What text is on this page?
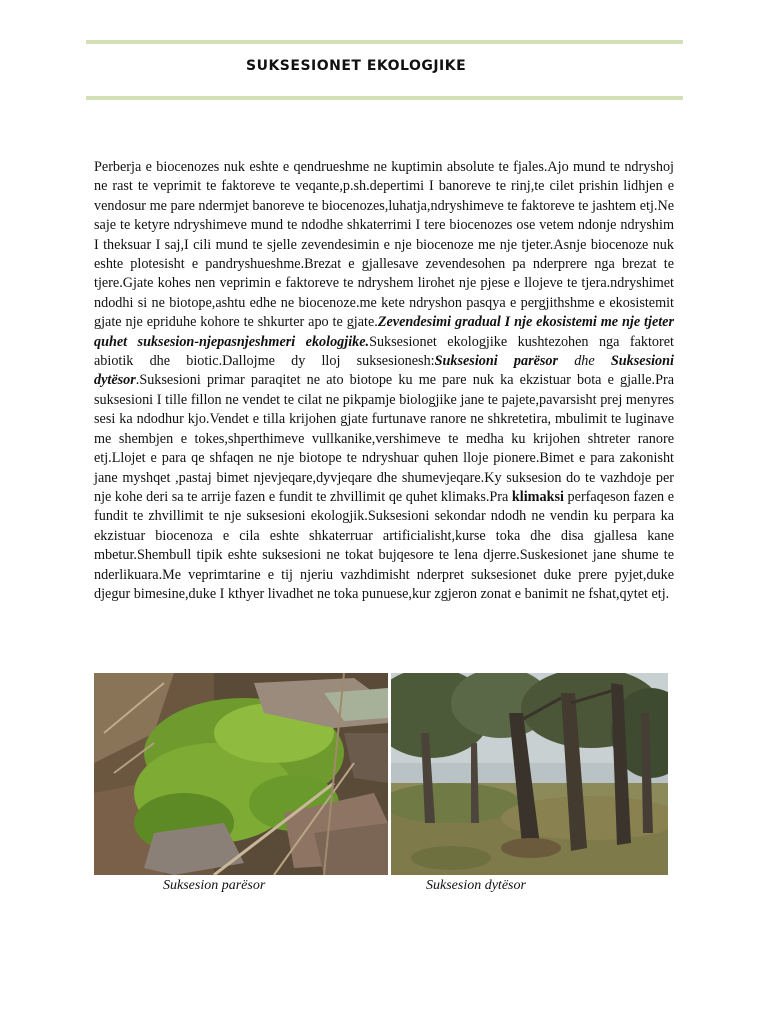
SUKSESIONET EKOLOGJIKE
Perberja e biocenozes nuk eshte e qendrueshme ne kuptimin absolute te fjales.Ajo mund te ndryshoj ne rast te veprimit te faktoreve te veqante,p.sh.depertimi I banoreve te rinj,te cilet prishin lidhjen e vendosur me pare ndermjet banoreve te biocenozes,luhatja,ndryshimeve te faktoreve te jashtem etj.Ne saje te ketyre ndryshimeve mund te ndodhe shkaterrimi I tere biocenozes ose vetem ndonje ndryshim I theksuar I saj,I cili mund te sjelle zevendesimin e nje biocenoze me nje tjeter.Asnje biocenoze nuk eshte plotesisht e pandryshueshme.Brezat e gjallesave zevendesohen pa nderprere nga brezat te tjere.Gjate kohes nen veprimin e faktoreve te ndryshem lirohet nje pjese e llojeve te tjera.ndryshimet ndodhi si ne biotope,ashtu edhe ne biocenoze.me kete ndryshon pasqya e pergjithshme e ekosistemit gjate nje epriduhe kohore te shkurter apo te gjate.Zevendesimi gradual I nje ekosistemi me nje tjeter quhet suksesion-njepasnjeshmeri ekologjike.Suksesionet ekologjike kushtezohen nga faktoret abiotik dhe biotic.Dallojme dy lloj suksesionesh:Suksesioni parësor dhe Suksesioni dytësor.Suksesioni primar paraqitet ne ato biotope ku me pare nuk ka ekzistuar bota e gjalle.Pra suksesioni I tille fillon ne vendet te cilat ne pikpamje biologjike jane te pajete,pavarsisht prej menyres sesi ka ndodhur kjo.Vendet e tilla krijohen gjate furtunave ranore ne shkretetira, mbulimit te luginave me shembjen e tokes,shperthimeve vullkanike,vershimeve te medha ku krijohen shtreter ranore etj.Llojet e para qe shfaqen ne nje biotope te ndryshuar quhen lloje pionere.Bimet e para zakonisht jane myshqet ,pastaj bimet njevjeqare,dyvjeqare dhe shumevjeqare.Ky suksesion do te vazhdoje per nje kohe deri sa te arrije fazen e fundit te zhvillimit qe quhet klimaks.Pra klimaksi perfaqeson fazen e fundit te zhvillimit te nje suksesioni ekologjik.Suksesioni sekondar ndodh ne vendin ku perpara ka ekzistuar biocenoza e cila eshte shkaterruar artificialisht,kurse toka dhe disa gjallesa kane mbetur.Shembull tipik eshte suksesioni ne tokat bujqesore te lena djerre.Suskesionet jane shume te nderlikuara.Me veprimtarine e tij njeriu vazhdimisht nderpret suksesionet duke prere pyjet,duke djegur bimesine,duke I kthyer livadhet ne toka punuese,kur zgjeron zonat e banimit ne fshat,qytet etj.
Suksesion parësor	Suksesion dytësor
